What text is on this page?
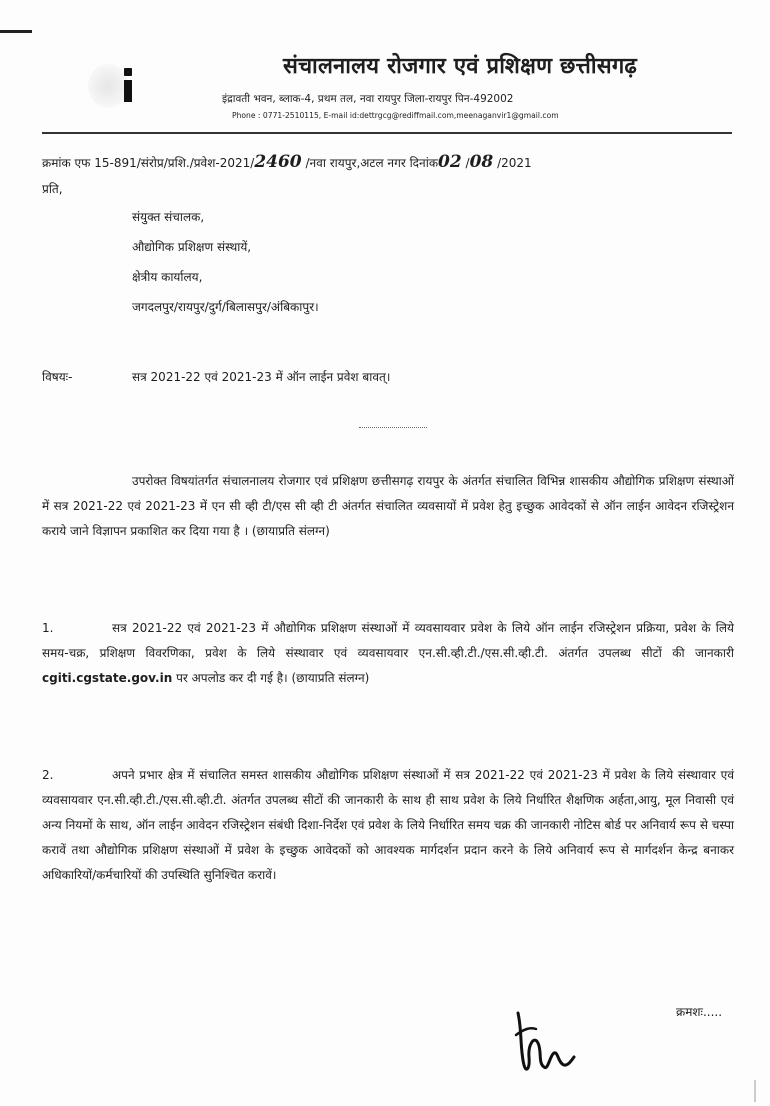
संचालनालय रोजगार एवं प्रशिक्षण छत्तीसगढ़
इंद्रावती भवन, ब्लाक-4, प्रथम तल, नवा रायपुर जिला-रायपुर पिन-492002
Phone : 0771-2510115, E-mail id:dettrgcg@rediffmail.com,meenaganvir1@gmail.com
क्रमांक एफ 15-891/संरोप्र/प्रशि./प्रवेश-2021/2460 /नवा रायपुर,अटल नगर दिनांक02 /08 /2021
प्रति,
संयुक्त संचालक,
औद्योगिक प्रशिक्षण संस्थायें,
क्षेत्रीय कार्यालय,
जगदलपुर/रायपुर/दुर्ग/बिलासपुर/अंबिकापुर।
विषयः-	सत्र 2021-22 एवं 2021-23 में ऑन लाईन प्रवेश बावत्।
उपरोक्त विषयांतर्गत संचालनालय रोजगार एवं प्रशिक्षण छत्तीसगढ़ रायपुर के अंतर्गत संचालित विभिन्न शासकीय औद्योगिक प्रशिक्षण संस्थाओं में सत्र 2021-22 एवं 2021-23 में एन सी व्ही टी/एस सी व्ही टी अंतर्गत संचालित व्यवसायों में प्रवेश हेतु इच्छुक आवेदकों से ऑन लाईन आवेदन रजिस्ट्रेशन कराये जाने विज्ञापन प्रकाशित कर दिया गया है । (छायाप्रति संलग्न)
1.	सत्र 2021-22 एवं 2021-23 में औद्योगिक प्रशिक्षण संस्थाओं में व्यवसायवार प्रवेश के लिये ऑन लाईन रजिस्ट्रेशन प्रक्रिया, प्रवेश के लिये समय-चक्र, प्रशिक्षण विवरणिका, प्रवेश के लिये संस्थावार एवं व्यवसायवार एन.सी.व्ही.टी./एस.सी.व्ही.टी. अंतर्गत उपलब्ध सीटों की जानकारी cgiti.cgstate.gov.in पर अपलोड कर दी गई है। (छायाप्रति संलग्न)
2.	अपने प्रभार क्षेत्र में संचालित समस्त शासकीय औद्योगिक प्रशिक्षण संस्थाओं में सत्र 2021-22 एवं 2021-23 में प्रवेश के लिये संस्थावार एवं व्यवसायवार एन.सी.व्ही.टी./एस.सी.व्ही.टी. अंतर्गत उपलब्ध सीटों की जानकारी के साथ ही साथ प्रवेश के लिये निर्धारित शैक्षणिक अर्हता,आयु, मूल निवासी एवं अन्य नियमों के साथ, ऑन लाईन आवेदन रजिस्ट्रेशन संबंधी दिशा-निर्देश एवं प्रवेश के लिये निर्धारित समय चक्र की जानकारी नोटिस बोर्ड पर अनिवार्य रूप से चस्पा करावें तथा औद्योगिक प्रशिक्षण संस्थाओं में प्रवेश के इच्छुक आवेदकों को आवश्यक मार्गदर्शन प्रदान करने के लिये अनिवार्य रूप से मार्गदर्शन केन्द्र बनाकर अधिकारियों/कर्मचारियों की उपस्थिति सुनिश्चित करावें।
क्रमशः.....
